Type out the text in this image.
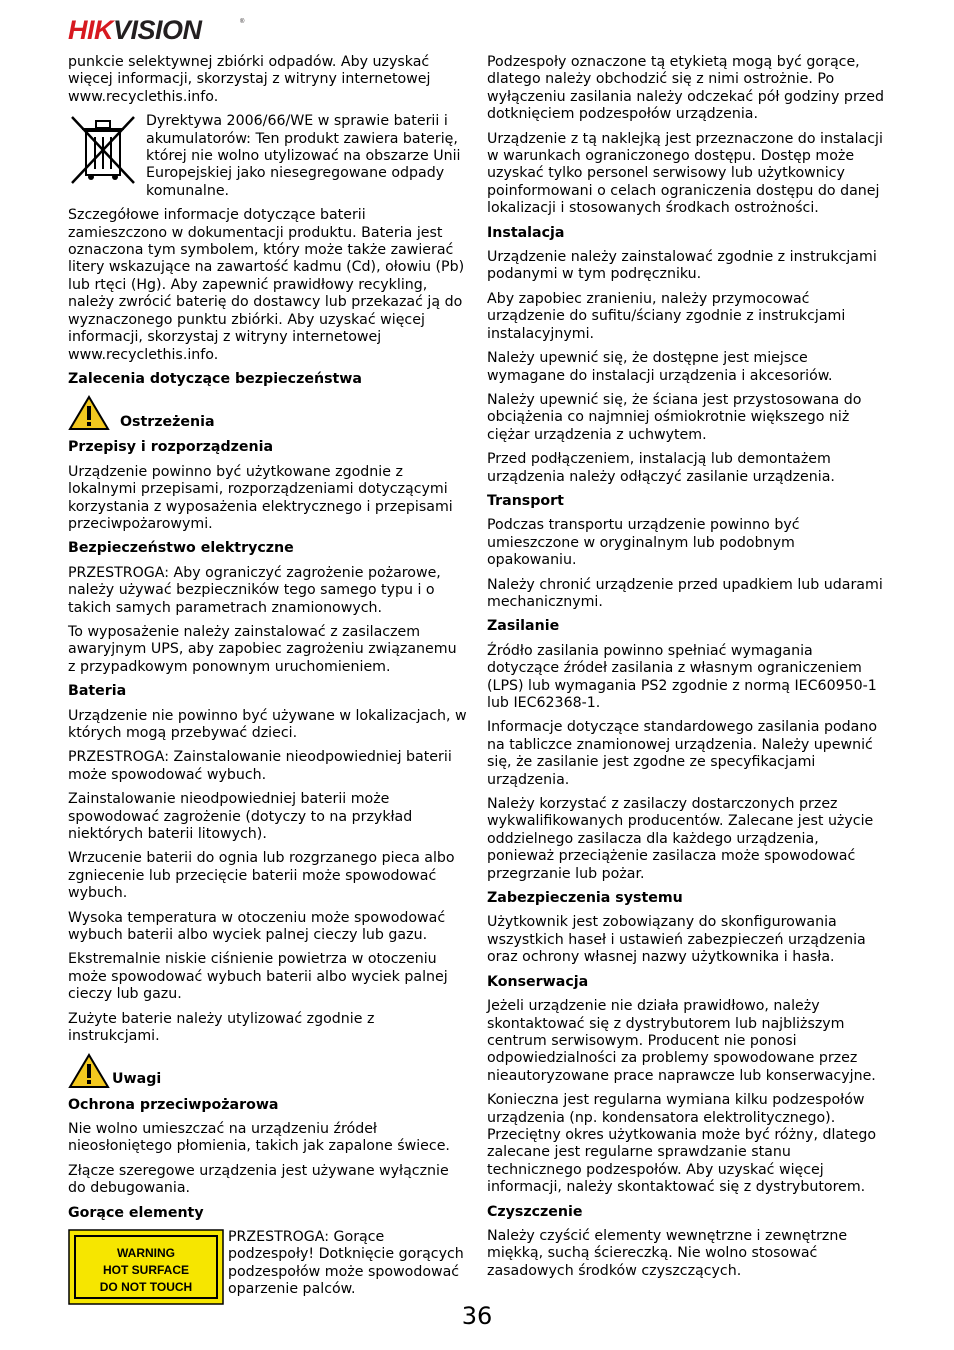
HIKVISION	®

punkcie selektywnej zbiórki odpadów. Aby uzyskać więcej informacji, skorzystaj z witryny internetowej www.recyclethis.info.

Dyrektywa 2006/66/WE w sprawie baterii i akumulatorów: Ten produkt zawiera baterię, której nie wolno utylizować na obszarze Unii Europejskiej jako niesegregowane odpady komunalne.

Szczegółowe informacje dotyczące baterii zamieszczono w dokumentacji produktu. Bateria jest oznaczona tym symbolem, który może także zawierać litery wskazujące na zawartość kadmu (Cd), ołowiu (Pb) lub rtęci (Hg). Aby zapewnić prawidłowy recykling, należy zwrócić baterię do dostawcy lub przekazać ją do wyznaczonego punktu zbiórki. Aby uzyskać więcej informacji, skorzystaj z witryny internetowej www.recyclethis.info.

Zalecenia dotyczące bezpieczeństwa
Ostrzeżenia
Przepisy i rozporządzenia

Urządzenie powinno być użytkowane zgodnie z lokalnymi przepisami, rozporządzeniami dotyczącymi korzystania z wyposażenia elektrycznego i przepisami przeciwpożarowymi.

Bezpieczeństwo elektryczne

PRZESTROGA: Aby ograniczyć zagrożenie pożarowe, należy używać bezpieczników tego samego typu i o takich samych parametrach znamionowych.

To wyposażenie należy zainstalować z zasilaczem awaryjnym UPS, aby zapobiec zagrożeniu związanemu z przypadkowym ponownym uruchomieniem.

Bateria

Urządzenie nie powinno być używane w lokalizacjach, w których mogą przebywać dzieci.

PRZESTROGA: Zainstalowanie nieodpowiedniej baterii może spowodować wybuch.

Zainstalowanie nieodpowiedniej baterii może spowodować zagrożenie (dotyczy to na przykład niektórych baterii litowych).

Wrzucenie baterii do ognia lub rozgrzanego pieca albo zgniecenie lub przecięcie baterii może spowodować wybuch.

Wysoka temperatura w otoczeniu może spowodować wybuch baterii albo wyciek palnej cieczy lub gazu.

Ekstremalnie niskie ciśnienie powietrza w otoczeniu może spowodować wybuch baterii albo wyciek palnej cieczy lub gazu.

Zużyte baterie należy utylizować zgodnie z instrukcjami.

Uwagi
Ochrona przeciwpożarowa

Nie wolno umieszczać na urządzeniu źródeł nieosłoniętego płomienia, takich jak zapalone świece.

Złącze szeregowe urządzenia jest używane wyłącznie do debugowania.

Gorące elementy
WARNING
HOT SURFACE
DO NOT TOUCH

PRZESTROGA: Gorące podzespoły! Dotknięcie gorących podzespołów może spowodować oparzenie palców.

Podzespoły oznaczone tą etykietą mogą być gorące, dlatego należy obchodzić się z nimi ostrożnie. Po wyłączeniu zasilania należy odczekać pół godziny przed dotknięciem podzespołów urządzenia.

Urządzenie z tą naklejką jest przeznaczone do instalacji w warunkach ograniczonego dostępu. Dostęp może uzyskać tylko personel serwisowy lub użytkownicy poinformowani o celach ograniczenia dostępu do danej lokalizacji i stosowanych środkach ostrożności.

Instalacja

Urządzenie należy zainstalować zgodnie z instrukcjami podanymi w tym podręczniku.

Aby zapobiec zranieniu, należy przymocować urządzenie do sufitu/ściany zgodnie z instrukcjami instalacyjnymi.

Należy upewnić się, że dostępne jest miejsce wymagane do instalacji urządzenia i akcesoriów.

Należy upewnić się, że ściana jest przystosowana do obciążenia co najmniej ośmiokrotnie większego niż ciężar urządzenia z uchwytem.

Przed podłączeniem, instalacją lub demontażem urządzenia należy odłączyć zasilanie urządzenia.

Transport

Podczas transportu urządzenie powinno być umieszczone w oryginalnym lub podobnym opakowaniu.

Należy chronić urządzenie przed upadkiem lub udarami mechanicznymi.

Zasilanie

Źródło zasilania powinno spełniać wymagania dotyczące źródeł zasilania z własnym ograniczeniem (LPS) lub wymagania PS2 zgodnie z normą IEC60950-1 lub IEC62368-1.

Informacje dotyczące standardowego zasilania podano na tabliczce znamionowej urządzenia. Należy upewnić się, że zasilanie jest zgodne ze specyfikacjami urządzenia.

Należy korzystać z zasilaczy dostarczonych przez wykwalifikowanych producentów. Zalecane jest użycie oddzielnego zasilacza dla każdego urządzenia, ponieważ przeciążenie zasilacza może spowodować przegrzanie lub pożar.

Zabezpieczenia systemu

Użytkownik jest zobowiązany do skonfigurowania wszystkich haseł i ustawień zabezpieczeń urządzenia oraz ochrony własnej nazwy użytkownika i hasła.

Konserwacja

Jeżeli urządzenie nie działa prawidłowo, należy skontaktować się z dystrybutorem lub najbliższym centrum serwisowym. Producent nie ponosi odpowiedzialności za problemy spowodowane przez nieautoryzowane prace naprawcze lub konserwacyjne.

Konieczna jest regularna wymiana kilku podzespołów urządzenia (np. kondensatora elektrolitycznego). Przeciętny okres użytkowania może być różny, dlatego zalecane jest regularne sprawdzanie stanu technicznego podzespołów. Aby uzyskać więcej informacji, należy skontaktować się z dystrybutorem.

Czyszczenie

Należy czyścić elementy wewnętrzne i zewnętrzne miękką, suchą ściereczką. Nie wolno stosować zasadowych środków czyszczących.

36
